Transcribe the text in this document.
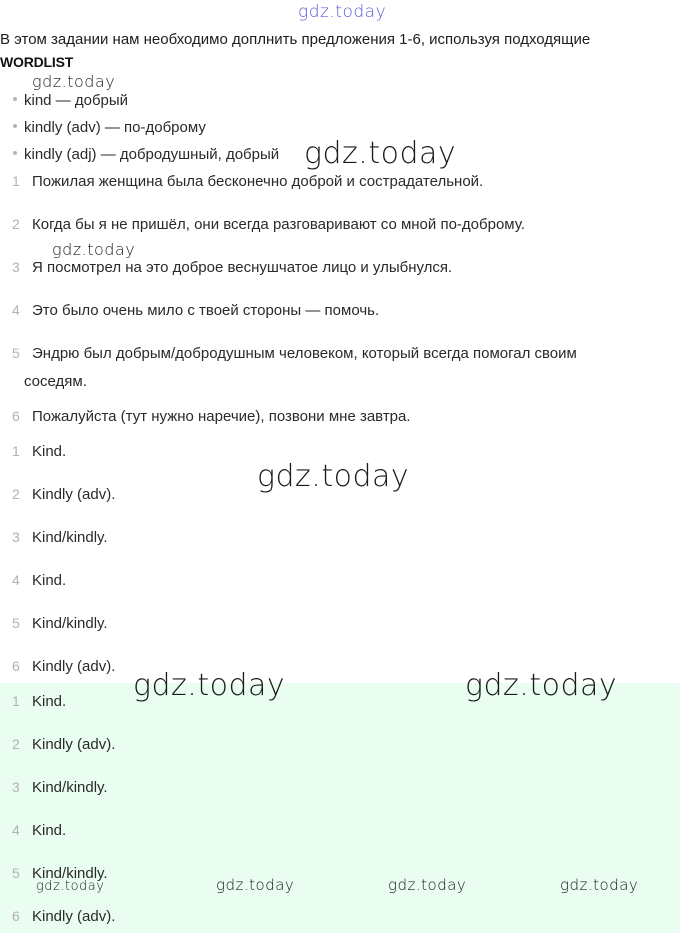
gdz.today
gdz.today
gdz.today
gdz.today
gdz.today
gdz.today	gdz.today
gdz.today	gdz.today	gdz.today	gdz.today
В этом задании нам необходимо доплнить предложения 1-6, используя подходящие
WORDLIST
kind — добрый
kindly (adv) — по-доброму
kindly (adj) — добродушный, добрый
1 Пожилая женщина была бесконечно доброй и сострадательной.
2 Когда бы я не пришёл, они всегда разговаривают со мной по-доброму.
3 Я посмотрел на это доброе веснушчатое лицо и улыбнулся.
4 Это было очень мило с твоей стороны — помочь.
5 Эндрю был добрым/добродушным человеком, который всегда помогал своим
соседям.
6 Пожалуйста (тут нужно наречие), позвони мне завтра.
1 Kind.
2 Kindly (adv).
3 Kind/kindly.
4 Kind.
5 Kind/kindly.
6 Kindly (adv).
1 Kind.
2 Kindly (adv).
3 Kind/kindly.
4 Kind.
5 Kind/kindly.
6 Kindly (adv).
